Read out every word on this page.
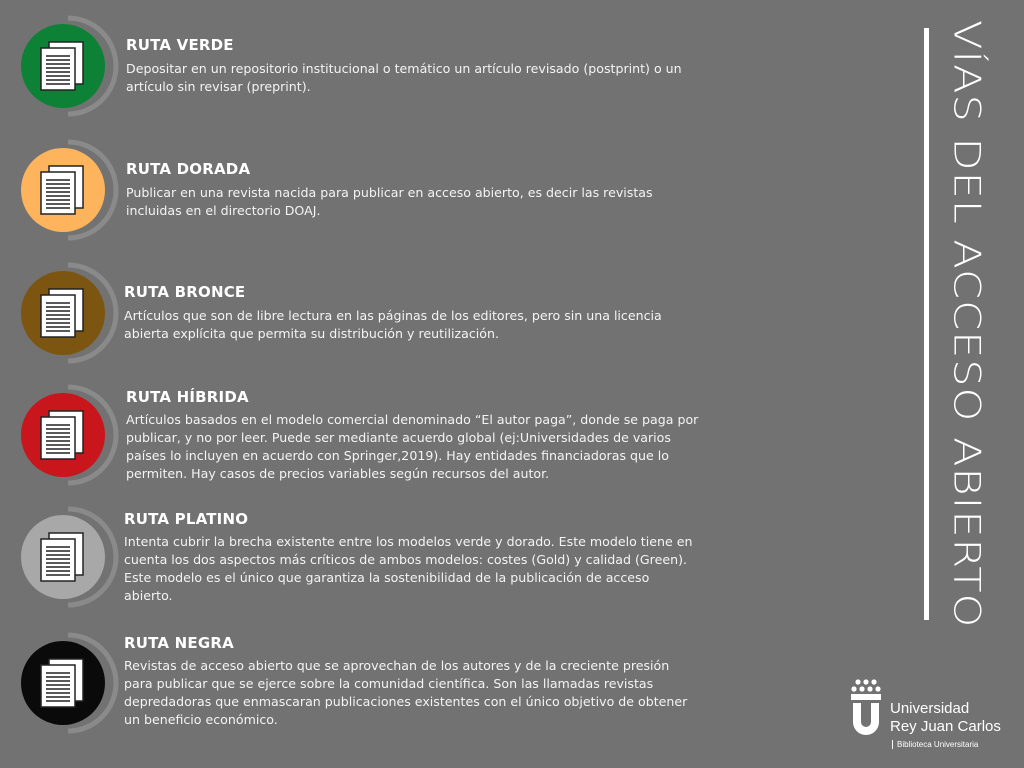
RUTA VERDE
Depositar en un repositorio institucional o temático un artículo revisado (postprint) o un artículo sin revisar (preprint).
RUTA DORADA
Publicar en una revista nacida para publicar en acceso abierto, es decir las revistas incluidas en el directorio DOAJ.
RUTA BRONCE
Artículos que son de libre lectura en las páginas de los editores, pero sin una licencia abierta explícita que permita su distribución y reutilización.
RUTA HÍBRIDA
Artículos basados en el modelo comercial denominado “El autor paga”, donde se paga por publicar, y no por leer. Puede ser mediante acuerdo global (ej:Universidades de varios países lo incluyen en acuerdo con Springer,2019). Hay entidades financiadoras que lo permiten. Hay casos de precios variables según recursos del autor.
RUTA PLATINO
Intenta cubrir la brecha existente entre los modelos verde y dorado. Este modelo tiene en cuenta los dos aspectos más críticos de ambos modelos: costes (Gold) y calidad (Green). Este modelo es el único que garantiza la sostenibilidad de la publicación de acceso abierto.
RUTA NEGRA
Revistas de acceso abierto que se aprovechan de los autores y de la creciente presión para publicar que se ejerce sobre la comunidad científica. Son las llamadas revistas depredadoras que enmascaran publicaciones existentes con el único objetivo de obtener un beneficio económico.
VÍAS DEL ACCESO ABIERTO
Universidad
Rey Juan Carlos
Biblioteca Universitaria
